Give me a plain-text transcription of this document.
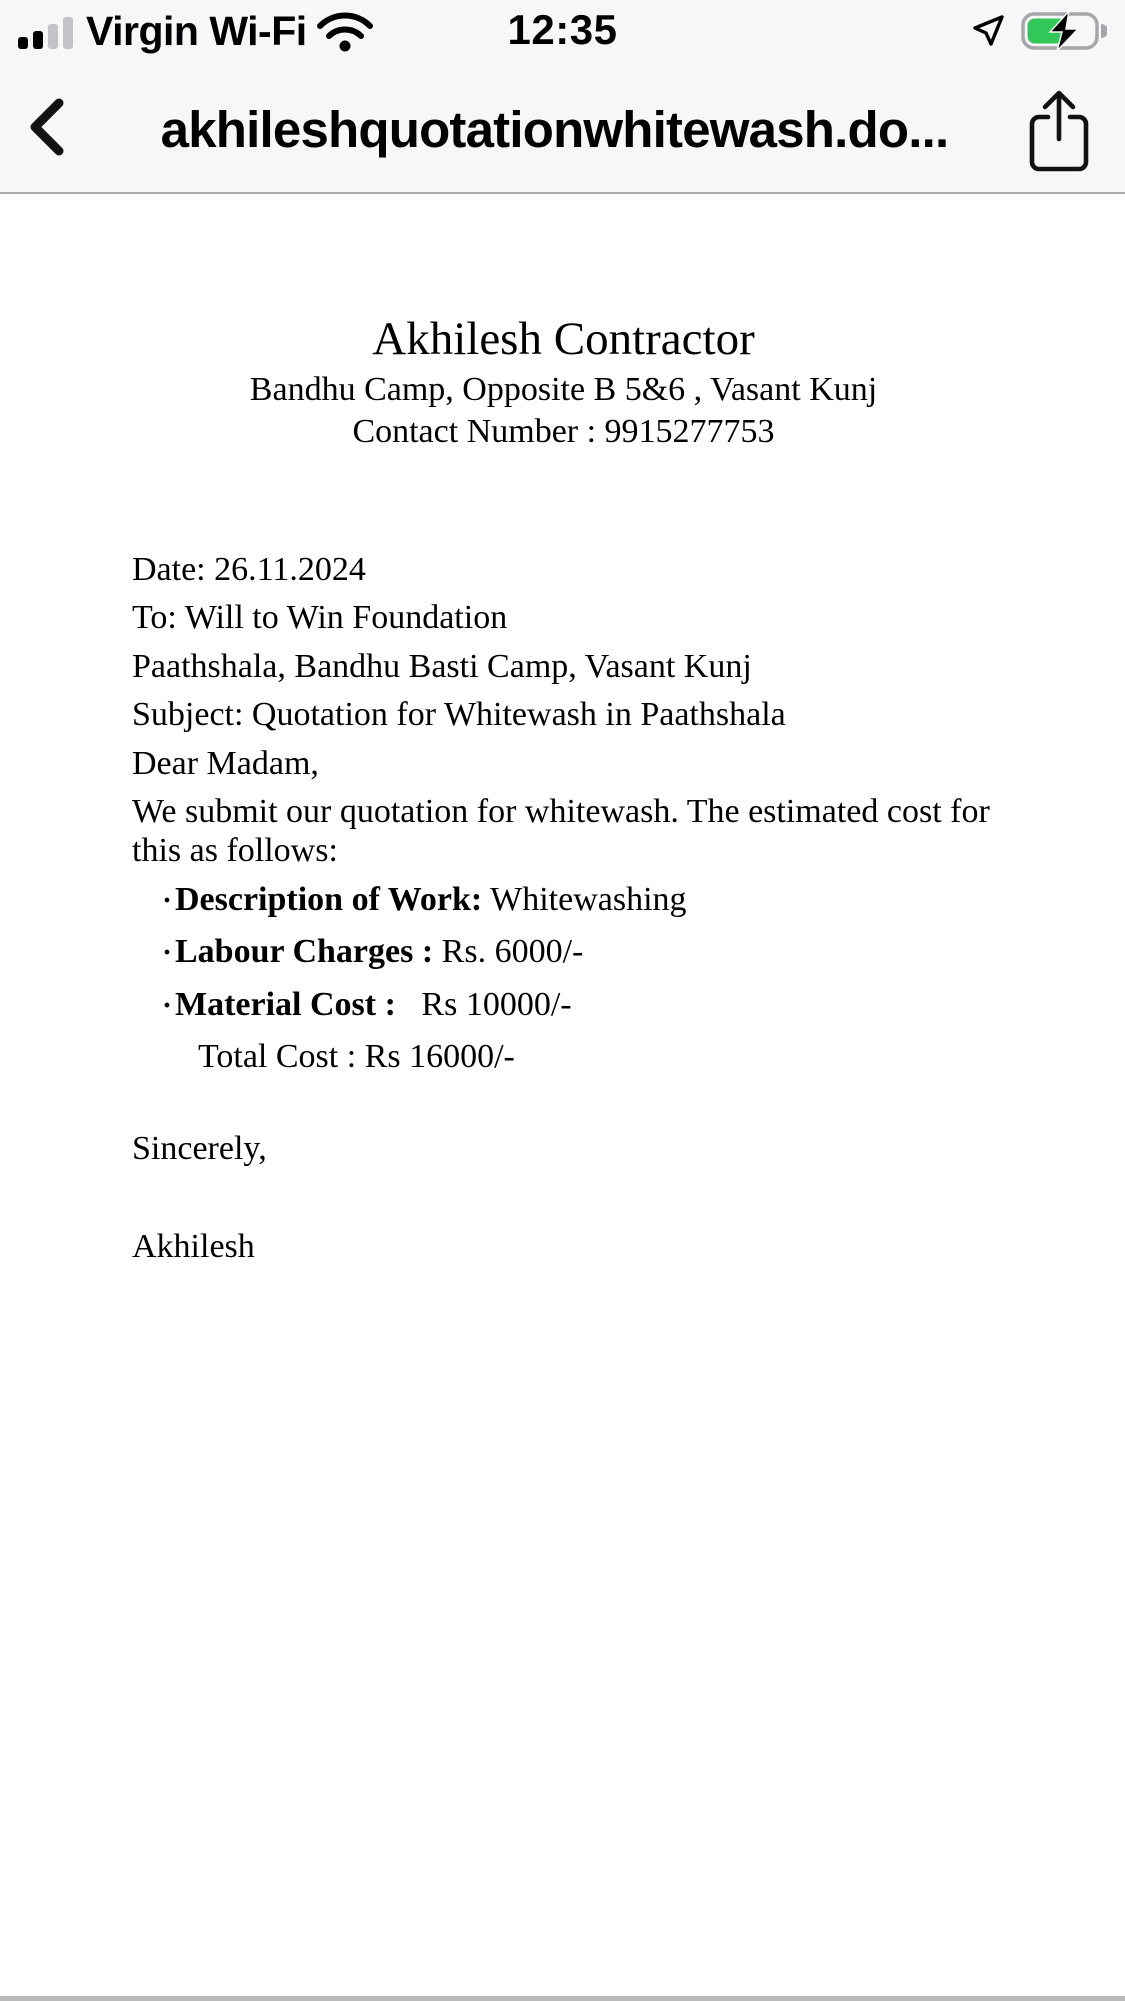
Virgin Wi-Fi	12:35
akhileshquotationwhitewash.do...
Akhilesh Contractor

Bandhu Camp, Opposite B 5&6 , Vasant Kunj

Contact Number : 9915277753

Date: 26.11.2024

To: Will to Win Foundation

Paathshala, Bandhu Basti Camp, Vasant Kunj

Subject: Quotation for Whitewash in Paathshala

Dear Madam,

We submit our quotation for whitewash. The estimated cost for
this as follows:

· Description of Work: Whitewashing
· Labour Charges : Rs. 6000/-
· Material Cost : Rs 10000/-

Total Cost : Rs 16000/-

Sincerely,

Akhilesh
